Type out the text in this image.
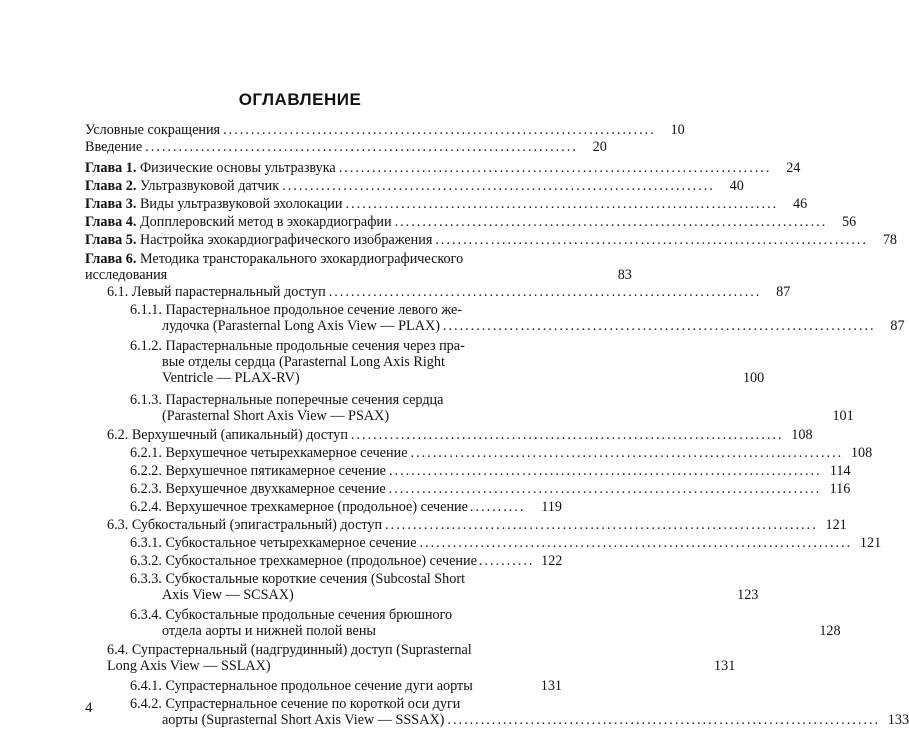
ОГЛАВЛЕНИЕ
Условные сокращения ..............................................................................	10
Введение ..............................................................................	20
Глава 1. Физические основы ультразвука ..............................................................................	24
Глава 2. Ультразвуковой датчик ..............................................................................	40
Глава 3. Виды ультразвуковой эхолокации ..............................................................................	46
Глава 4. Допплеровский метод в эхокардиографии ..............................................................................	56
Глава 5. Настройка эхокардиографического изображения ..............................................................................	78
Глава 6. Методика трансторакального эхокардиографического
исследования	83
6.1. Левый парастернальный доступ ..............................................................................	87
6.1.1. Парастернальное продольное сечение левого же-
лудочка (Parasternal Long Axis View — PLAX) ..............................................................................	87
6.1.2. Парастернальные продольные сечения через пра-
вые отделы сердца (Parasternal Long Axis Right
Ventricle — PLAX-RV)	100
6.1.3. Парастернальные поперечные сечения сердца
(Parasternal Short Axis View — PSAX)	101
6.2. Верхушечный (апикальный) доступ .............................................................................. 108
6.2.1. Верхушечное четырехкамерное сечение .............................................................................. 108
6.2.2. Верхушечное пятикамерное сечение .............................................................................. 114
6.2.3. Верхушечное двухкамерное сечение .............................................................................. 116
6.2.4. Верхушечное трехкамерное (продольное) сечение ..........	119
6.3. Субкостальный (эпигастральный) доступ .............................................................................. 121
6.3.1. Субкостальное четырехкамерное сечение .............................................................................. 121
6.3.2. Субкостальное трехкамерное (продольное) сечение .......... 122
6.3.3. Субкостальные короткие сечения (Subcostal Short
Axis View — SCSAX)	123
6.3.4. Субкостальные продольные сечения брюшного
отдела аорты и нижней полой вены	128
6.4. Супрастернальный (надгрудинный) доступ (Suprasternal
Long Axis View — SSLAX)	131
6.4.1. Супрастернальное продольное сечение дуги аорты	131
6.4.2. Супрастернальное сечение по короткой оси дуги
аорты (Suprasternal Short Axis View — SSSAX) .............................................................................. 133
4
